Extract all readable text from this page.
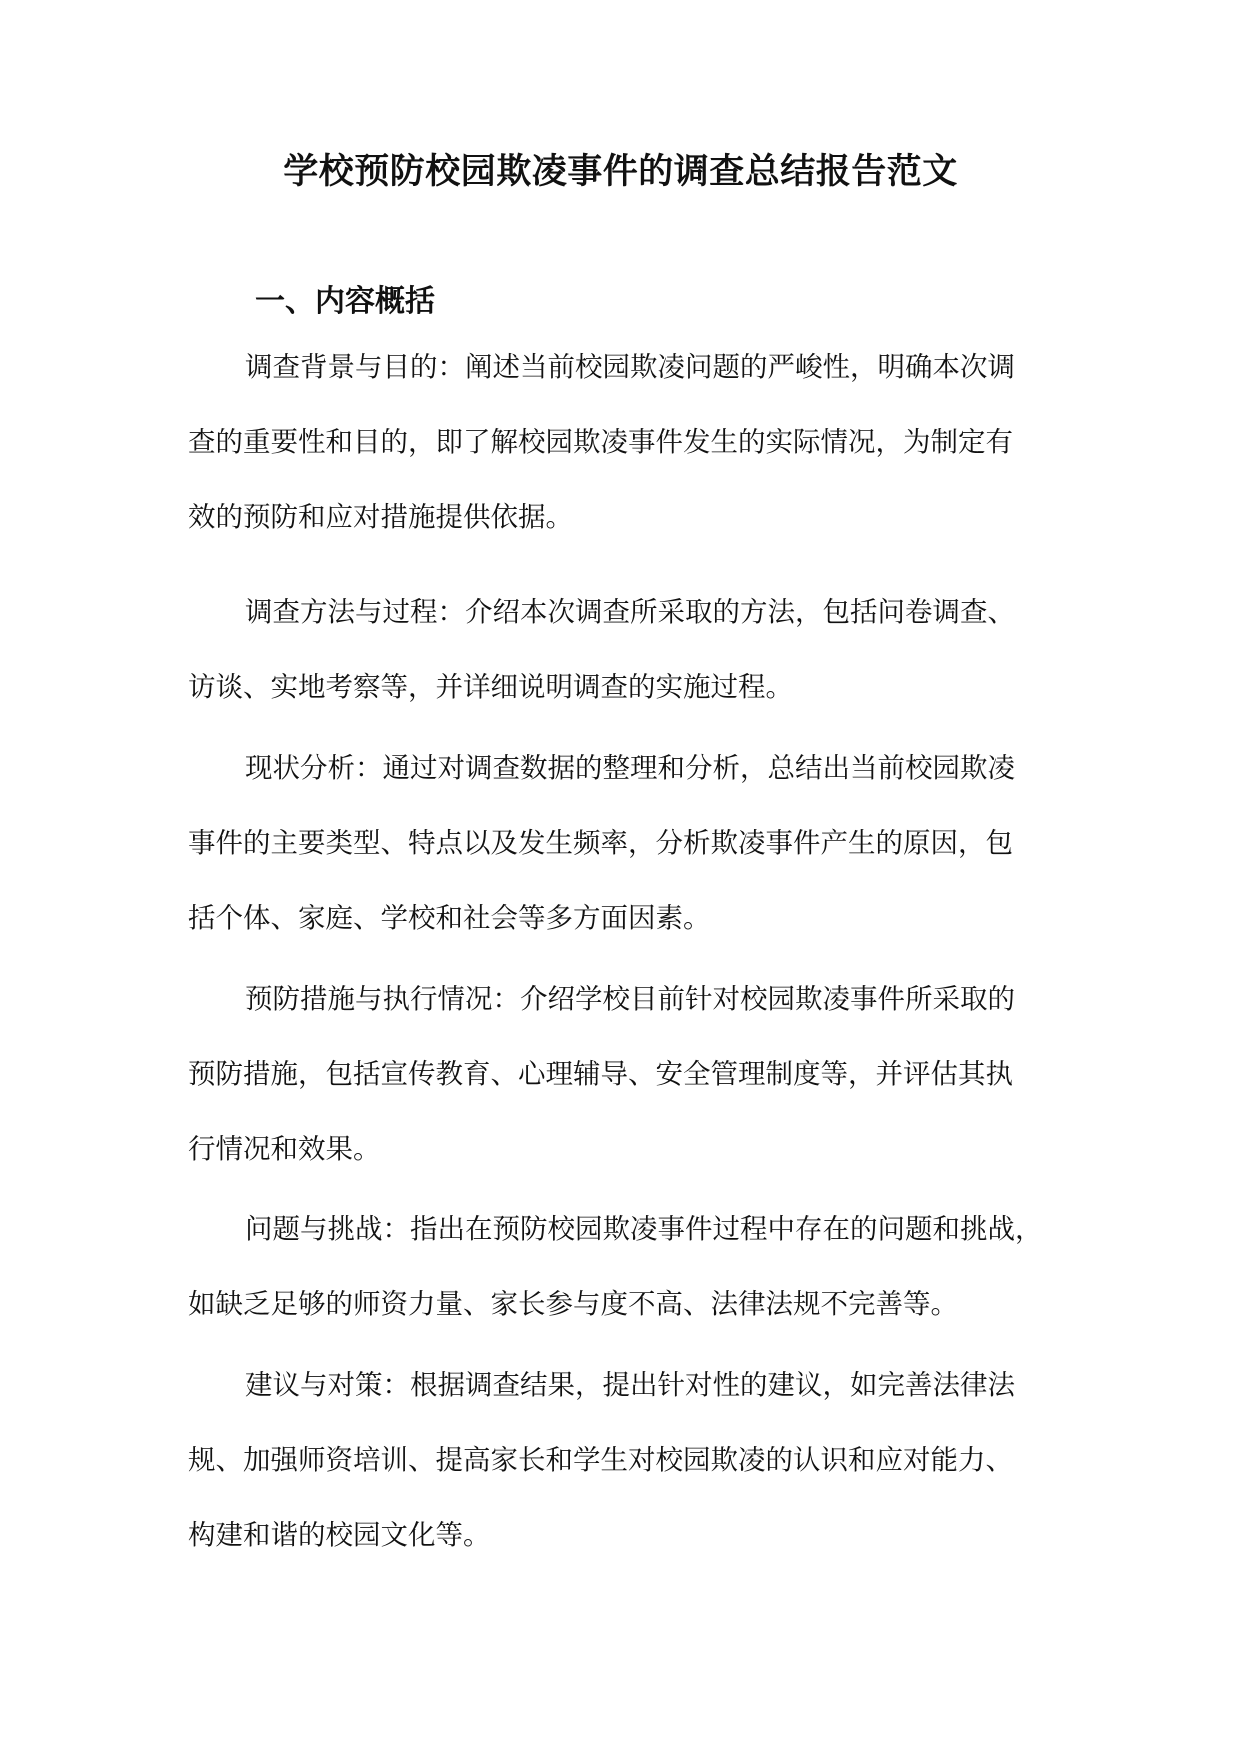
学校预防校园欺凌事件的调查总结报告范文
一、内容概括

调查背景与目的：阐述当前校园欺凌问题的严峻性，明确本次调
查的重要性和目的，即了解校园欺凌事件发生的实际情况，为制定有
效的预防和应对措施提供依据。

调查方法与过程：介绍本次调查所采取的方法，包括问卷调查、
访谈、实地考察等，并详细说明调查的实施过程。

现状分析：通过对调查数据的整理和分析，总结出当前校园欺凌
事件的主要类型、特点以及发生频率，分析欺凌事件产生的原因，包
括个体、家庭、学校和社会等多方面因素。

预防措施与执行情况：介绍学校目前针对校园欺凌事件所采取的
预防措施，包括宣传教育、心理辅导、安全管理制度等，并评估其执
行情况和效果。

问题与挑战：指出在预防校园欺凌事件过程中存在的问题和挑战，
如缺乏足够的师资力量、家长参与度不高、法律法规不完善等。

建议与对策：根据调查结果，提出针对性的建议，如完善法律法
规、加强师资培训、提高家长和学生对校园欺凌的认识和应对能力、
构建和谐的校园文化等。
